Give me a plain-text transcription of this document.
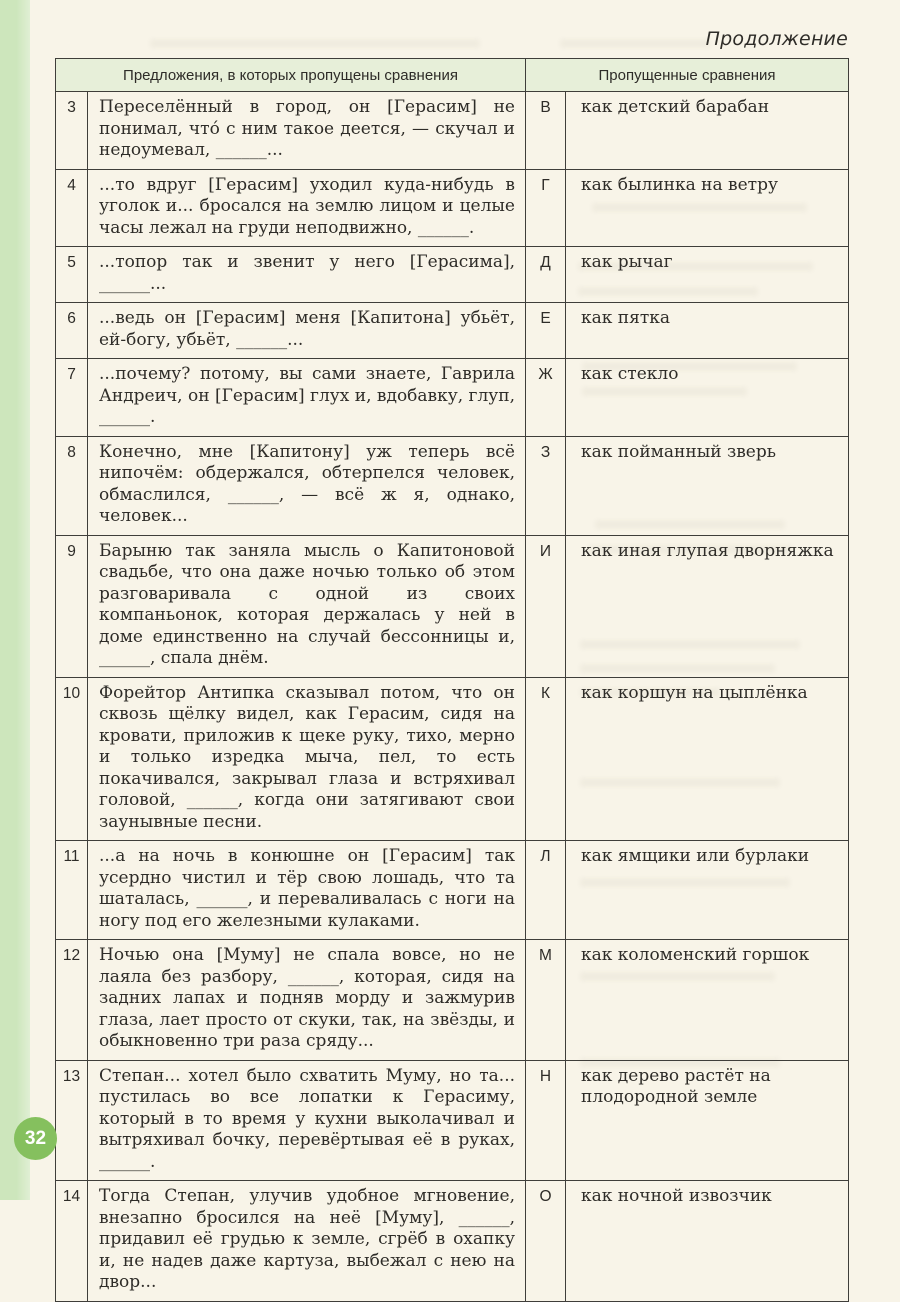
Продолжение
Предложения, в которых пропущены сравнения		Пропущенные сравнения	
3	Переселённый в город, он [Герасим] не понимал, что́ с ним такое деется, — скучал и недоумевал, ______...	В	как детский барабан
4	...то вдруг [Герасим] уходил куда-нибудь в уголок и... бросался на землю лицом и целые часы лежал на груди неподвижно, ______.	Г	как былинка на ветру
5	...топор так и звенит у него [Герасима], ______...	Д	как рычаг
6	...ведь он [Герасим] меня [Капитона] убьёт, ей-богу, убьёт, ______...	Е	как пятка
7	...почему? потому, вы сами знаете, Гаврила Андреич, он [Герасим] глух и, вдобавку, глуп, ______.	Ж	как стекло
8	Конечно, мне [Капитону] уж теперь всё нипочём: обдержался, обтерпелся человек, обмаслился, ______, — всё ж я, однако, человек...	З	как пойманный зверь
9	Барыню так заняла мысль о Капитоновой свадьбе, что она даже ночью только об этом разговаривала с одной из своих компаньонок, которая держалась у ней в доме единственно на случай бессонницы и, ______, спала днём.	И	как иная глупая дворняжка
10	Форейтор Антипка сказывал потом, что он сквозь щёлку видел, как Герасим, сидя на кровати, приложив к щеке руку, тихо, мерно и только изредка мыча, пел, то есть покачивался, закрывал глаза и встряхивал головой, ______, когда они затягивают свои заунывные песни.	К	как коршун на цыплёнка
11	...а на ночь в конюшне он [Герасим] так усердно чистил и тёр свою лошадь, что та шаталась, ______, и переваливалась с ноги на ногу под его железными кулаками.	Л	как ямщики или бурлаки
12	Ночью она [Муму] не спала вовсе, но не лаяла без разбору, ______, которая, сидя на задних лапах и подняв морду и зажмурив глаза, лает просто от скуки, так, на звёзды, и обыкновенно три раза сряду...	М	как коломенский горшок
13	Степан... хотел было схватить Муму, но та... пустилась во все лопатки к Герасиму, который в то время у кухни выколачивал и вытряхивал бочку, перевёртывая её в руках, ______.	Н	как дерево растёт на плодородной земле
14	Тогда Степан, улучив удобное мгновение, внезапно бросился на неё [Муму], ______, придавил её грудью к земле, сгрёб в охапку и, не надев даже картуза, выбежал с нею на двор...	О	как ночной извозчик
32
